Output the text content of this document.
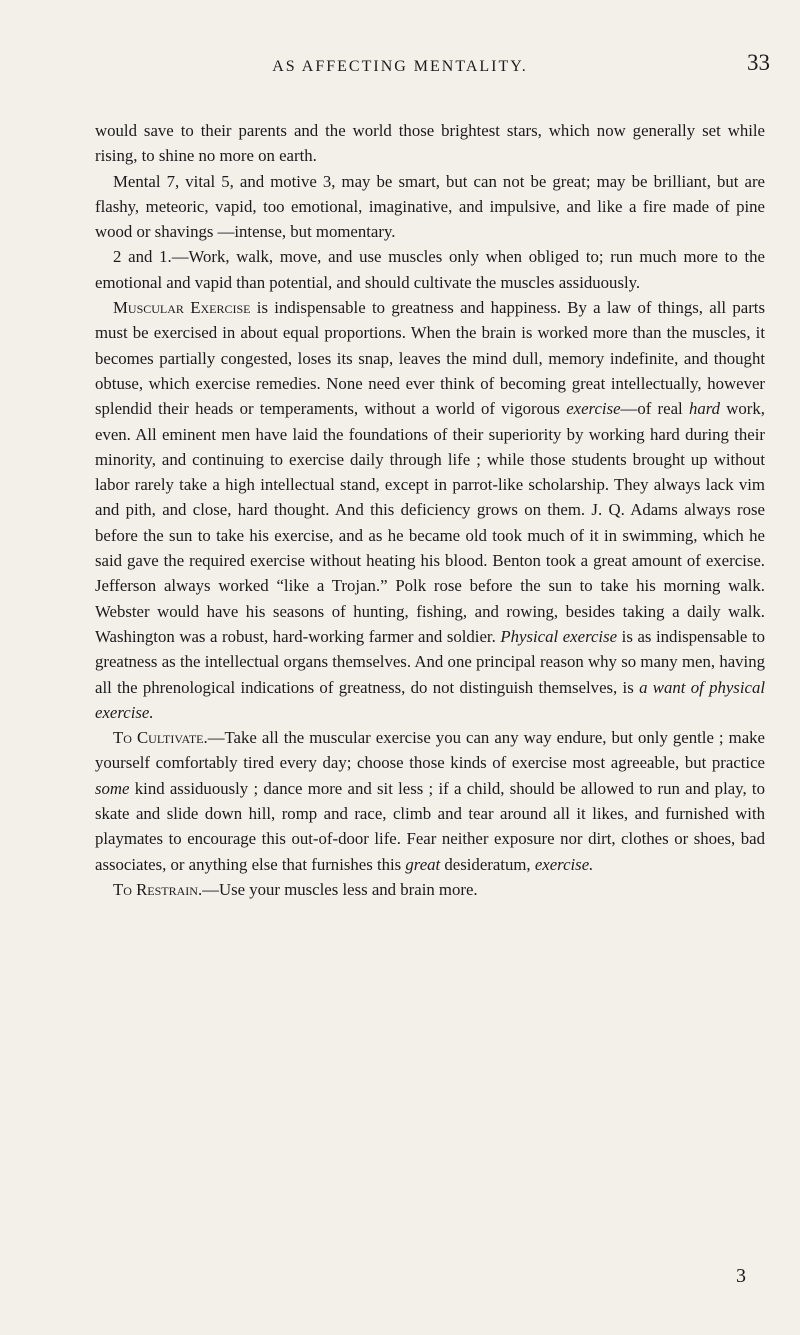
AS AFFECTING MENTALITY.	33

would save to their parents and the world those brightest stars, which now generally set while rising, to shine no more on earth.

Mental 7, vital 5, and motive 3, may be smart, but can not be great; may be brilliant, but are flashy, meteoric, vapid, too emotional, imaginative, and impulsive, and like a fire made of pine wood or shavings —intense, but momentary.

2 and 1.—Work, walk, move, and use muscles only when obliged to; run much more to the emotional and vapid than potential, and should cultivate the muscles assiduously.

Muscular Exercise is indispensable to greatness and happiness. By a law of things, all parts must be exercised in about equal proportions. When the brain is worked more than the muscles, it becomes partially congested, loses its snap, leaves the mind dull, memory indefinite, and thought obtuse, which exercise remedies. None need ever think of becoming great intellectually, however splendid their heads or temperaments, without a world of vigorous exercise—of real hard work, even. All eminent men have laid the foundations of their superiority by working hard during their minority, and continuing to exercise daily through life ; while those students brought up without labor rarely take a high intellectual stand, except in parrot-like scholarship. They always lack vim and pith, and close, hard thought. And this deficiency grows on them. J. Q. Adams always rose before the sun to take his exercise, and as he became old took much of it in swimming, which he said gave the required exercise without heating his blood. Benton took a great amount of exercise. Jefferson always worked “like a Trojan.” Polk rose before the sun to take his morning walk. Webster would have his seasons of hunting, fishing, and rowing, besides taking a daily walk. Washington was a robust, hard-working farmer and soldier. Physical exercise is as indispensable to greatness as the intellectual organs themselves. And one principal reason why so many men, having all the phrenological indications of greatness, do not distinguish themselves, is a want of physical exercise.

To Cultivate.—Take all the muscular exercise you can any way endure, but only gentle ; make yourself comfortably tired every day; choose those kinds of exercise most agreeable, but practice some kind assiduously ; dance more and sit less ; if a child, should be allowed to run and play, to skate and slide down hill, romp and race, climb and tear around all it likes, and furnished with playmates to encourage this out-of-door life. Fear neither exposure nor dirt, clothes or shoes, bad associates, or anything else that furnishes this great desideratum, exercise.

To Restrain.—Use your muscles less and brain more.

3
